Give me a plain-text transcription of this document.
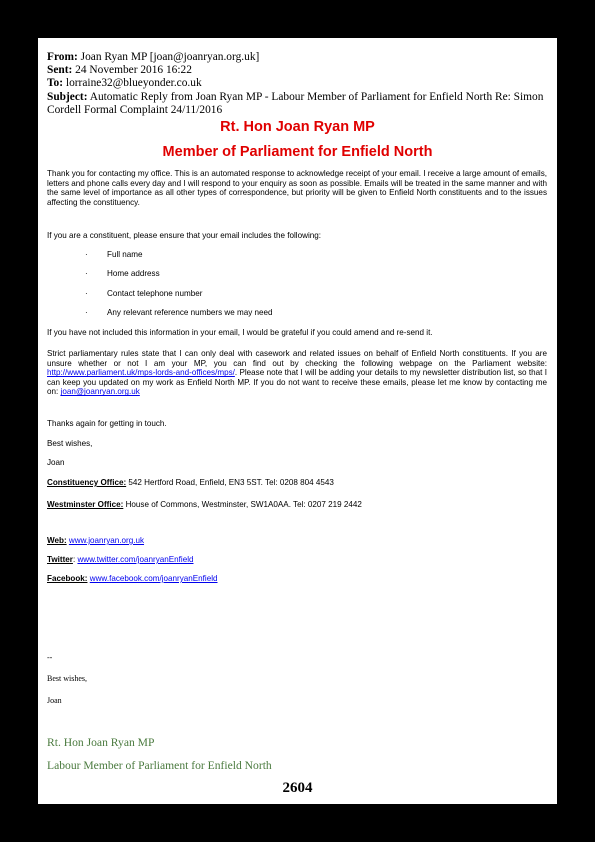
From: Joan Ryan MP [joan@joanryan.org.uk]
Sent: 24 November 2016 16:22
To: lorraine32@blueyonder.co.uk
Subject: Automatic Reply from Joan Ryan MP - Labour Member of Parliament for Enfield North Re: Simon Cordell Formal Complaint 24/11/2016
Rt. Hon Joan Ryan MP
Member of Parliament for Enfield North
Thank you for contacting my office. This is an automated response to acknowledge receipt of your email. I receive a large amount of emails, letters and phone calls every day and I will respond to your enquiry as soon as possible. Emails will be treated in the same manner and with the same level of importance as all other types of correspondence, but priority will be given to Enfield North constituents and to the issues affecting the constituency.
If you are a constituent, please ensure that your email includes the following:
· Full name
· Home address
· Contact telephone number
· Any relevant reference numbers we may need
If you have not included this information in your email, I would be grateful if you could amend and re-send it.
Strict parliamentary rules state that I can only deal with casework and related issues on behalf of Enfield North constituents. If you are unsure whether or not I am your MP, you can find out by checking the following webpage on the Parliament website: http://www.parliament.uk/mps-lords-and-offices/mps/. Please note that I will be adding your details to my newsletter distribution list, so that I can keep you updated on my work as Enfield North MP. If you do not want to receive these emails, please let me know by contacting me on: joan@joanryan.org.uk
Thanks again for getting in touch.
Best wishes,
Joan
Constituency Office: 542 Hertford Road, Enfield, EN3 5ST. Tel: 0208 804 4543
Westminster Office: House of Commons, Westminster, SW1A0AA. Tel: 0207 219 2442
Web: www.joanryan.org.uk
Twitter: www.twitter.com/joanryanEnfield
Facebook: www.facebook.com/joanryanEnfield
--
Best wishes,
Joan
Rt. Hon Joan Ryan MP
Labour Member of Parliament for Enfield North
2604
